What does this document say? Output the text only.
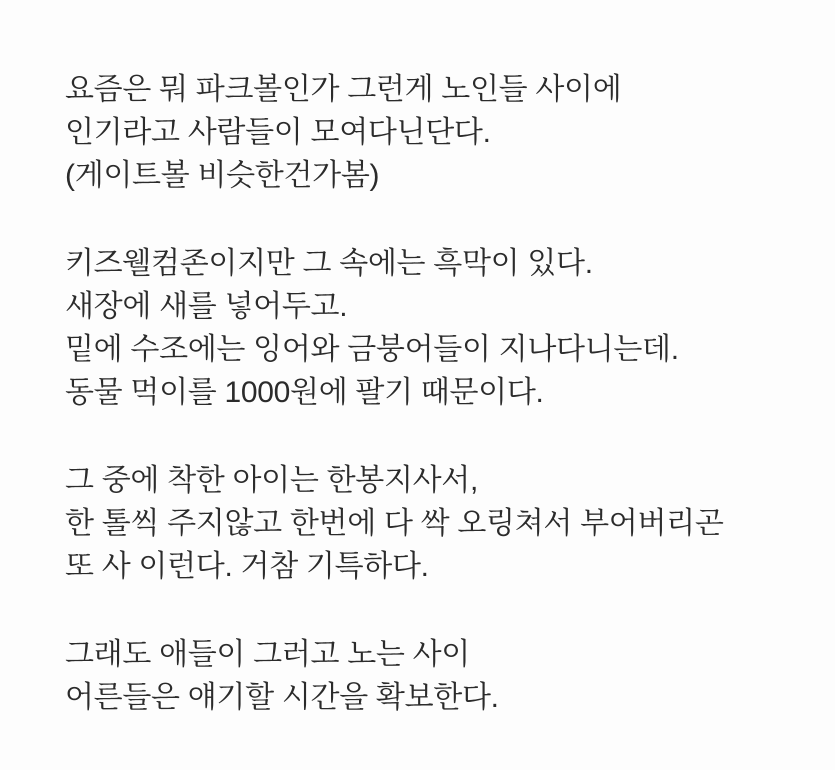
요즘은 뭐 파크볼인가 그런게 노인들 사이에
인기라고 사람들이 모여다닌단다.
(게이트볼 비슷한건가봄)
키즈웰컴존이지만 그 속에는 흑막이 있다.
새장에 새를 넣어두고.
밑에 수조에는 잉어와 금붕어들이 지나다니는데.
동물 먹이를 1000원에 팔기 때문이다.
그 중에 착한 아이는 한봉지사서,
한 톨씩 주지않고 한번에 다 싹 오링쳐서 부어버리곤
또 사 이런다. 거참 기특하다.
그래도 애들이 그러고 노는 사이
어른들은 얘기할 시간을 확보한다.
